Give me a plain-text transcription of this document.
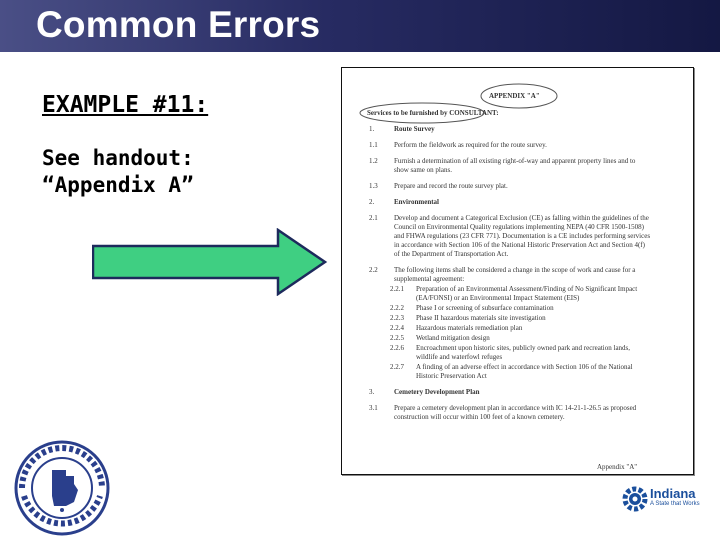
Common Errors
EXAMPLE #11:
See handout:
“Appendix A”
Appendix "A"
APPENDIX "A"
Services to be furnished by CONSULTANT:
1.	Route Survey
1.1 Perform the fieldwork as required for the route survey.
1.2 Furnish a determination of all existing right-of-way and apparent property lines and to
show same on plans.
1.3 Prepare and record the route survey plat.
2.	Environmental
2.1 Develop and document a Categorical Exclusion (CE) as falling within the guidelines of the
Council on Environmental Quality regulations implementing NEPA (40 CFR 1500-1508)
and FHWA regulations (23 CFR 771). Documentation is a CE includes performing services
in accordance with Section 106 of the National Historic Preservation Act and Section 4(f)
of the Department of Transportation Act.
2.2 The following items shall be considered a change in the scope of work and cause for a
supplemental agreement:
2.2.1 Preparation of an Environmental Assessment/Finding of No Significant Impact
(EA/FONSI) or an Environmental Impact Statement (EIS)
2.2.2 Phase I or screening of subsurface contamination
2.2.3 Phase II hazardous materials site investigation
2.2.4 Hazardous materials remediation plan
2.2.5 Wetland mitigation design
2.2.6 Encroachment upon historic sites, publicly owned park and recreation lands,
wildlife and waterfowl refuges
2.2.7 A finding of an adverse effect in accordance with Section 106 of the National
Historic Preservation Act
3.	Cemetery Development Plan
3.1 Prepare a cemetery development plan in accordance with IC 14-21-1-26.5 as proposed
construction will occur within 100 feet of a known cemetery.
Indiana
A State that Works
